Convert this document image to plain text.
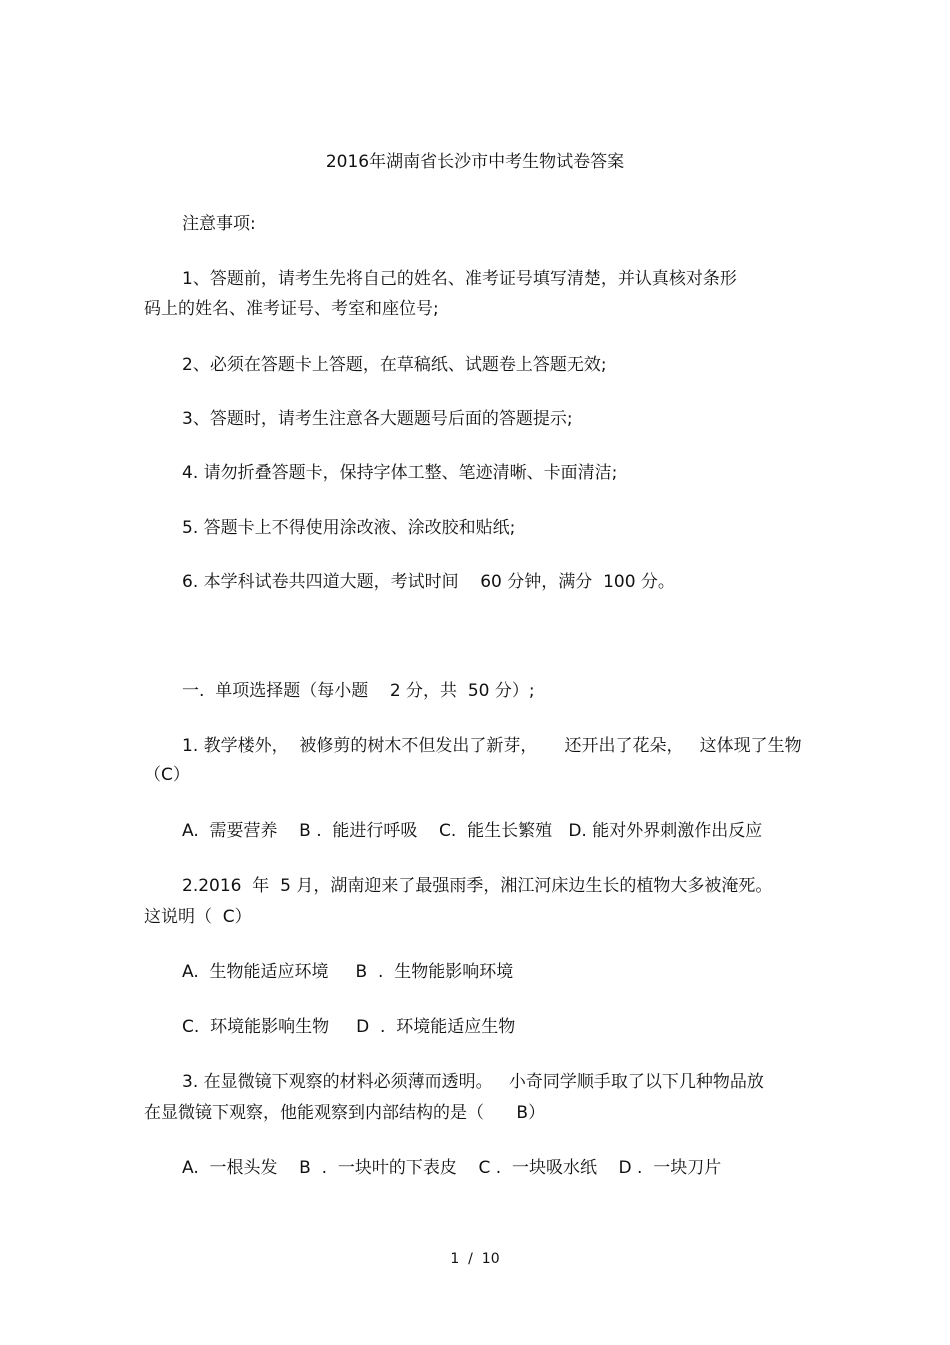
2016年湖南省长沙市中考生物试卷答案
注意事项:
1、答题前，请考生先将自己的姓名、准考证号填写清楚，并认真核对条形
码上的姓名、准考证号、考室和座位号;
2、必须在答题卡上答题，在草稿纸、试题卷上答题无效;
3、答题时，请考生注意各大题题号后面的答题提示;
4. 请勿折叠答题卡，保持字体工整、笔迹清晰、卡面清洁;
5. 答题卡上不得使用涂改液、涂改胶和贴纸;
6. 本学科试卷共四道大题，考试时间    60 分钟，满分  100 分。
一.  单项选择题（每小题    2 分，共  50 分）;
1. 教学楼外，  被修剪的树木不但发出了新芽，     还开出了花朵，   这体现了生物
（C）
A.  需要营养    B .  能进行呼吸    C.  能生长繁殖   D. 能对外界刺激作出反应
2.2016  年  5 月，湖南迎来了最强雨季，湘江河床边生长的植物大多被淹死。
这说明（  C）
A.  生物能适应环境     B  .  生物能影响环境
C.  环境能影响生物     D  .  环境能适应生物
3. 在显微镜下观察的材料必须薄而透明。   小奇同学顺手取了以下几种物品放
在显微镜下观察，他能观察到内部结构的是（      B）
A.  一根头发    B  .  一块叶的下表皮    C .  一块吸水纸    D .  一块刀片
1  /  10
